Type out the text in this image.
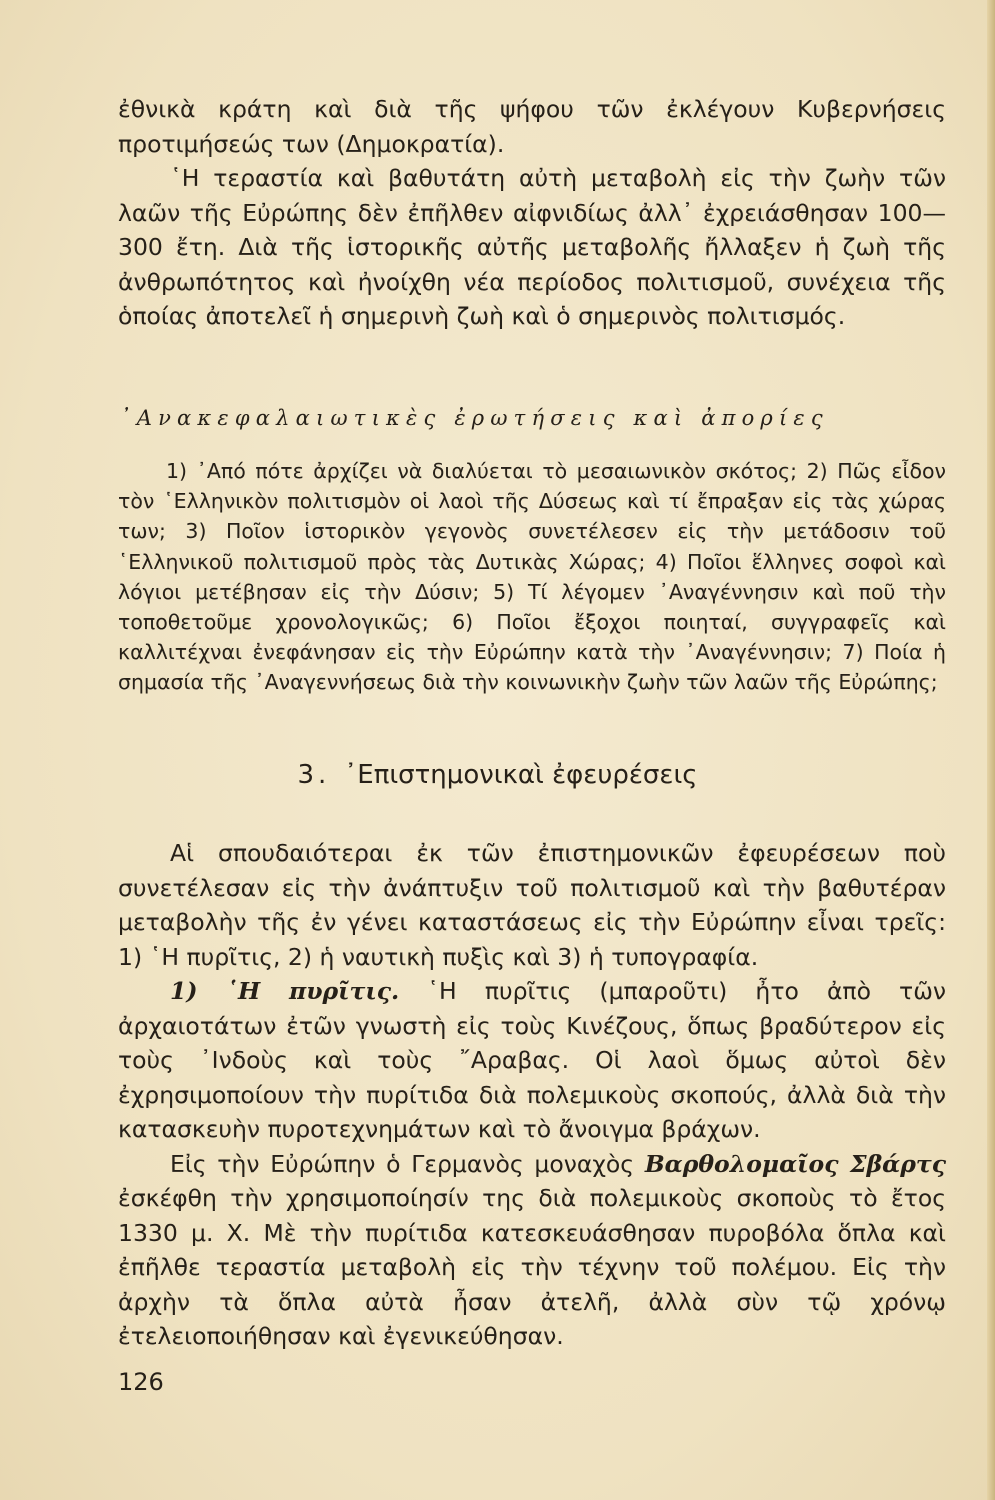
ἐθνικὰ κράτη καὶ διὰ τῆς ψήφου τῶν ἐκλέγουν Κυβερνήσεις προτιμήσεώς των (Δημοκρατία).

῾Η τεραστία καὶ βαθυτάτη αὐτὴ μεταβολὴ εἰς τὴν ζωὴν τῶν λαῶν τῆς Εὐρώπης δὲν ἐπῆλθεν αἰφνιδίως ἀλλ᾽ ἐχρειάσθησαν 100—300 ἔτη. Διὰ τῆς ἱστορικῆς αὐτῆς μεταβολῆς ἤλλαξεν ἡ ζωὴ τῆς ἀνθρωπότητος καὶ ἠνοίχθη νέα περίοδος πολιτισμοῦ, συνέχεια τῆς ὁποίας ἀποτελεῖ ἡ σημερινὴ ζωὴ καὶ ὁ σημερινὸς πολιτισμός.

᾿Ανακεφαλαιωτικὲς ἐρωτήσεις καὶ ἀπορίες

1) ᾿Από πότε ἀρχίζει νὰ διαλύεται τὸ μεσαιωνικὸν σκότος; 2) Πῶς εἶδον τὸν ῾Ελληνικὸν πολιτισμὸν οἱ λαοὶ τῆς Δύσεως καὶ τί ἔπραξαν εἰς τὰς χώρας των; 3) Ποῖον ἱστορικὸν γεγονὸς συνετέλεσεν εἰς τὴν μετάδοσιν τοῦ ῾Ελληνικοῦ πολιτισμοῦ πρὸς τὰς Δυτικὰς Χώρας; 4) Ποῖοι ἕλληνες σοφοὶ καὶ λόγιοι μετέβησαν εἰς τὴν Δύσιν; 5) Τί λέγομεν ᾿Αναγέννησιν καὶ ποῦ τὴν τοποθετοῦμε χρονολογικῶς; 6) Ποῖοι ἔξοχοι ποιηταί, συγγραφεῖς καὶ καλλιτέχναι ἐνεφάνησαν εἰς τὴν Εὐρώπην κατὰ τὴν ᾿Αναγέννησιν; 7) Ποία ἡ σημασία τῆς ᾿Αναγεννήσεως διὰ τὴν κοινωνικὴν ζωὴν τῶν λαῶν τῆς Εὐρώπης;

3. ᾿Επιστημονικαὶ ἐφευρέσεις

Αἱ σπουδαιότεραι ἐκ τῶν ἐπιστημονικῶν ἐφευρέσεων ποὺ συνετέλεσαν εἰς τὴν ἀνάπτυξιν τοῦ πολιτισμοῦ καὶ τὴν βαθυτέραν μεταβολὴν τῆς ἐν γένει καταστάσεως εἰς τὴν Εὐρώπην εἶναι τρεῖς: 1) ῾Η πυρῖτις, 2) ἡ ναυτικὴ πυξὶς καὶ 3) ἡ τυπογραφία.

1) ῾Η πυρῖτις. ῾Η πυρῖτις (μπαροῦτι) ἦτο ἀπὸ τῶν ἀρχαιοτάτων ἐτῶν γνωστὴ εἰς τοὺς Κινέζους, ὅπως βραδύτερον εἰς τοὺς ᾿Ινδοὺς καὶ τοὺς ῎Αραβας. Οἱ λαοὶ ὅμως αὐτοὶ δὲν ἐχρησιμοποίουν τὴν πυρίτιδα διὰ πολεμικοὺς σκοπούς, ἀλλὰ διὰ τὴν κατασκευὴν πυροτεχνημάτων καὶ τὸ ἄνοιγμα βράχων.

Εἰς τὴν Εὐρώπην ὁ Γερμανὸς μοναχὸς Βαρθολομαῖος Σβάρτς ἐσκέφθη τὴν χρησιμοποίησίν της διὰ πολεμικοὺς σκοποὺς τὸ ἔτος 1330 μ. Χ. Μὲ τὴν πυρίτιδα κατεσκευάσθησαν πυροβόλα ὅπλα καὶ ἐπῆλθε τεραστία μεταβολὴ εἰς τὴν τέχνην τοῦ πολέμου. Εἰς τὴν ἀρχὴν τὰ ὅπλα αὐτὰ ἦσαν ἀτελῆ, ἀλλὰ σὺν τῷ χρόνῳ ἐτελειοποιήθησαν καὶ ἐγενικεύθησαν.

126
